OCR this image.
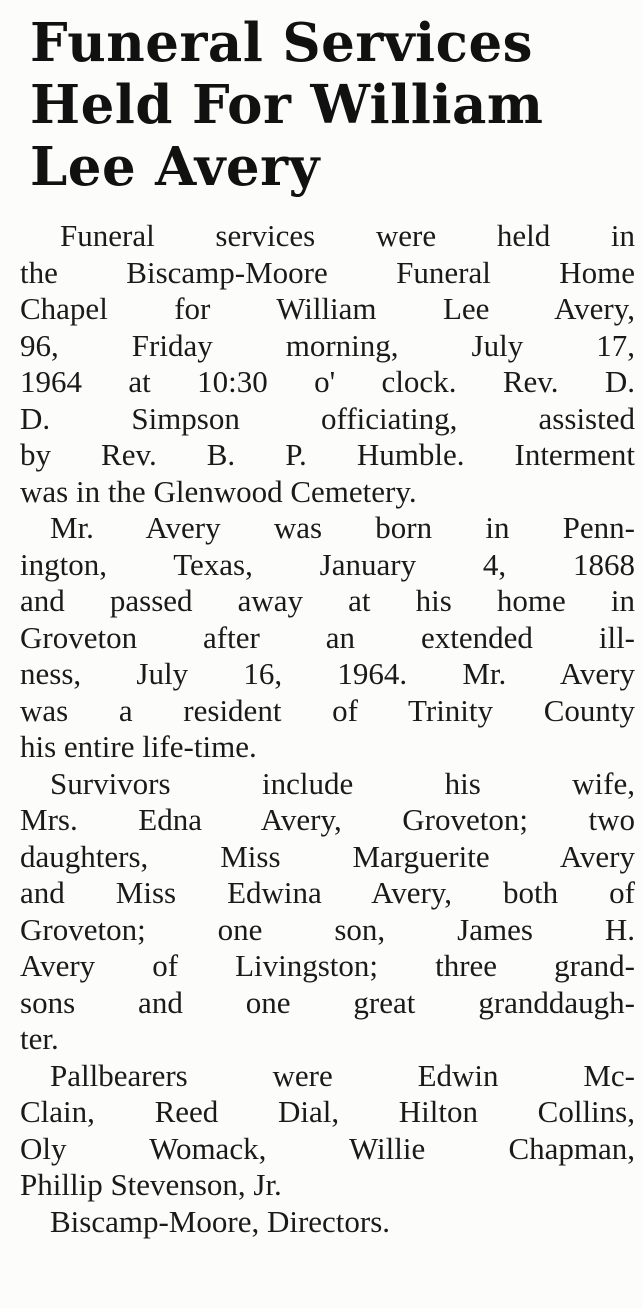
Funeral Services
Held For William
Lee Avery
Funeral services were held in
the Biscamp-Moore Funeral Home
Chapel for William Lee Avery,
96, Friday morning, July 17,
1964 at 10:30 o' clock. Rev. D.
D. Simpson officiating, assisted
by Rev. B. P. Humble. Interment
was in the Glenwood Cemetery.
Mr. Avery was born in Penn-
ington, Texas, January 4, 1868
and passed away at his home in
Groveton after an extended ill-
ness, July 16, 1964. Mr. Avery
was a resident of Trinity County
his entire life-time.
Survivors include his wife,
Mrs. Edna Avery, Groveton; two
daughters, Miss Marguerite Avery
and Miss Edwina Avery, both of
Groveton; one son, James H.
Avery of Livingston; three grand-
sons and one great granddaugh-
ter.
Pallbearers were Edwin Mc-
Clain, Reed Dial, Hilton Collins,
Oly Womack, Willie Chapman,
Phillip Stevenson, Jr.
Biscamp-Moore, Directors.
